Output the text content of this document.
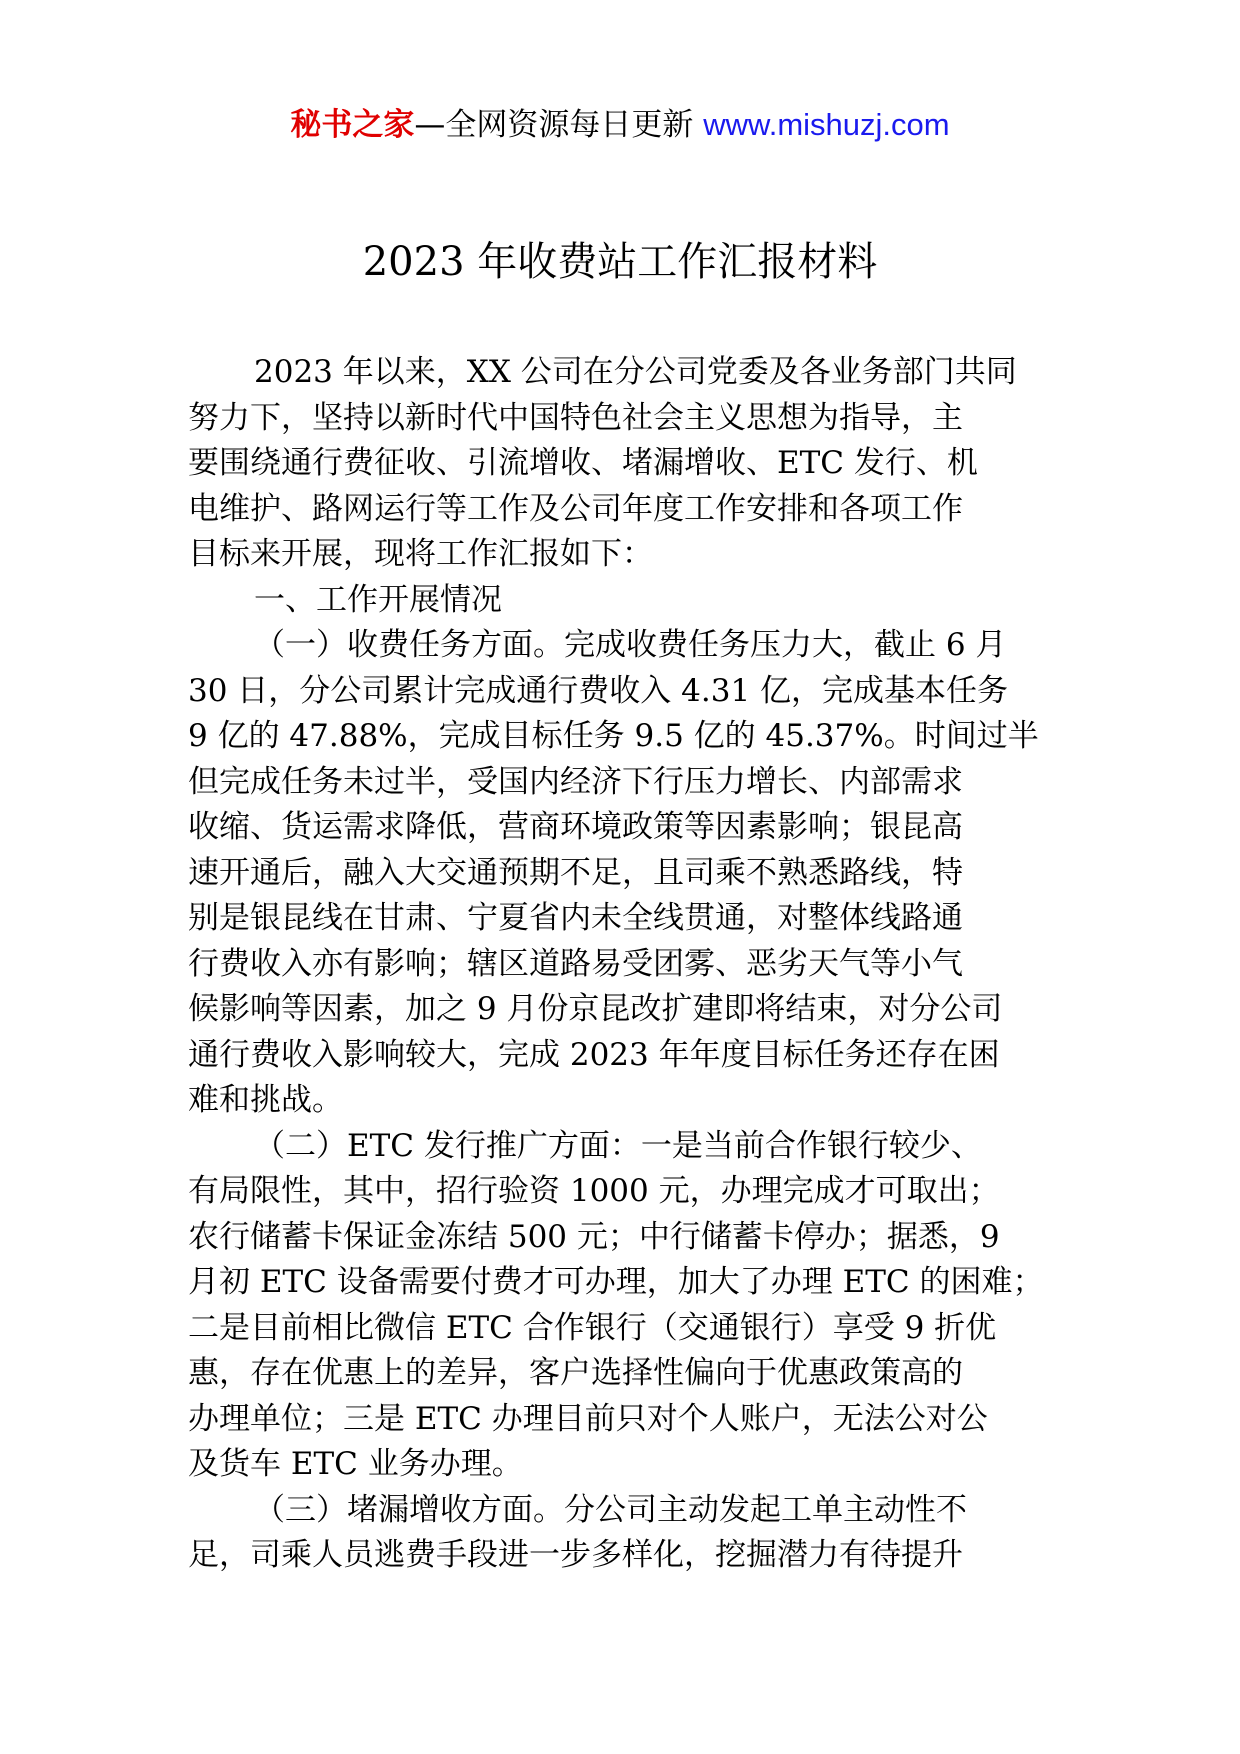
秘书之家—全网资源每日更新 www.mishuzj.com
2023 年收费站工作汇报材料
2023 年以来，XX 公司在分公司党委及各业务部门共同
努力下，坚持以新时代中国特色社会主义思想为指导，主
要围绕通行费征收、引流增收、堵漏增收、ETC 发行、机
电维护、路网运行等工作及公司年度工作安排和各项工作
目标来开展，现将工作汇报如下：
一、工作开展情况
（一）收费任务方面。完成收费任务压力大，截止 6 月
30 日，分公司累计完成通行费收入 4.31 亿，完成基本任务
9 亿的 47.88%，完成目标任务 9.5 亿的 45.37%。时间过半
但完成任务未过半，受国内经济下行压力增长、内部需求
收缩、货运需求降低，营商环境政策等因素影响；银昆高
速开通后，融入大交通预期不足，且司乘不熟悉路线，特
别是银昆线在甘肃、宁夏省内未全线贯通，对整体线路通
行费收入亦有影响；辖区道路易受团雾、恶劣天气等小气
候影响等因素，加之 9 月份京昆改扩建即将结束，对分公司
通行费收入影响较大，完成 2023 年年度目标任务还存在困
难和挑战。
（二）ETC 发行推广方面：一是当前合作银行较少、
有局限性，其中，招行验资 1000 元，办理完成才可取出；
农行储蓄卡保证金冻结 500 元；中行储蓄卡停办；据悉，9
月初 ETC 设备需要付费才可办理，加大了办理 ETC 的困难；
二是目前相比微信 ETC 合作银行（交通银行）享受 9 折优
惠，存在优惠上的差异，客户选择性偏向于优惠政策高的
办理单位；三是 ETC 办理目前只对个人账户，无法公对公
及货车 ETC 业务办理。
（三）堵漏增收方面。分公司主动发起工单主动性不
足，司乘人员逃费手段进一步多样化，挖掘潜力有待提升
